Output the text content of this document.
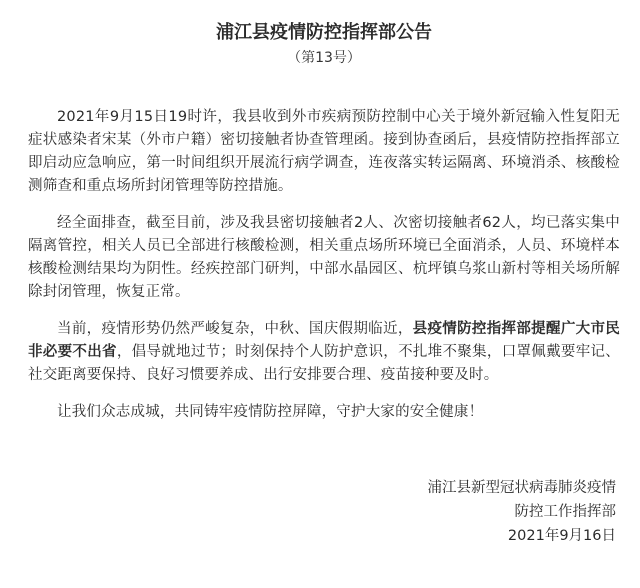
浦江县疫情防控指挥部公告
（第13号）

2021年9月15日19时许，我县收到外市疾病预防控制中心关于境外新冠输入性复阳无症状感染者宋某（外市户籍）密切接触者协查管理函。接到协查函后，县疫情防控指挥部立即启动应急响应，第一时间组织开展流行病学调查，连夜落实转运隔离、环境消杀、核酸检测筛查和重点场所封闭管理等防控措施。

经全面排查，截至目前，涉及我县密切接触者2人、次密切接触者62人，均已落实集中隔离管控，相关人员已全部进行核酸检测，相关重点场所环境已全面消杀，人员、环境样本核酸检测结果均为阴性。经疾控部门研判，中部水晶园区、杭坪镇乌浆山新村等相关场所解除封闭管理，恢复正常。

当前，疫情形势仍然严峻复杂，中秋、国庆假期临近，县疫情防控指挥部提醒广大市民非必要不出省，倡导就地过节；时刻保持个人防护意识，不扎堆不聚集，口罩佩戴要牢记、社交距离要保持、良好习惯要养成、出行安排要合理、疫苗接种要及时。

让我们众志成城，共同铸牢疫情防控屏障，守护大家的安全健康！

浦江县新型冠状病毒肺炎疫情
防控工作指挥部
2021年9月16日
